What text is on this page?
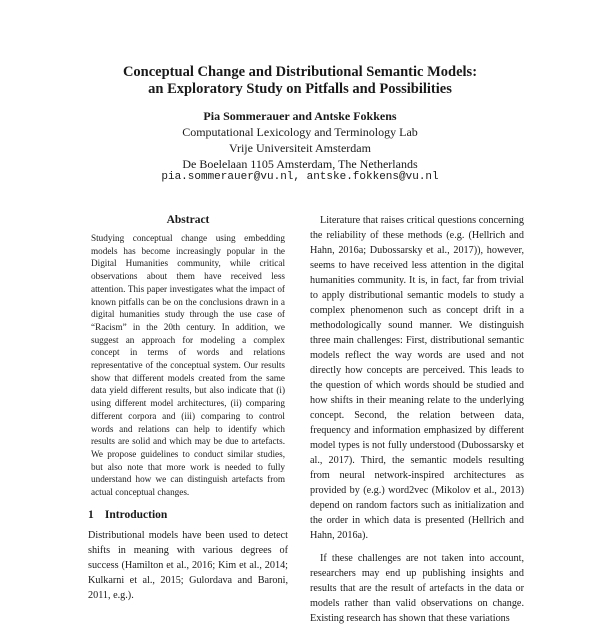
Conceptual Change and Distributional Semantic Models:
an Exploratory Study on Pitfalls and Possibilities
Pia Sommerauer and Antske Fokkens
Computational Lexicology and Terminology Lab
Vrije Universiteit Amsterdam
De Boelelaan 1105 Amsterdam, The Netherlands
pia.sommerauer@vu.nl, antske.fokkens@vu.nl
Abstract
Studying conceptual change using embedding models has become increasingly popular in the Digital Humanities community, while critical observations about them have received less attention. This paper investigates what the impact of known pitfalls can be on the conclusions drawn in a digital humanities study through the use case of “Racism” in the 20th century. In addition, we suggest an approach for modeling a complex concept in terms of words and relations representative of the conceptual system. Our results show that different models created from the same data yield different results, but also indicate that (i) using different model architectures, (ii) comparing different corpora and (iii) comparing to control words and relations can help to identify which results are solid and which may be due to artefacts. We propose guidelines to conduct similar studies, but also note that more work is needed to fully understand how we can distinguish artefacts from actual conceptual changes.
1 Introduction

Distributional models have been used to detect shifts in meaning with various degrees of success (Hamilton et al., 2016; Kim et al., 2014; Kulkarni et al., 2015; Gulordava and Baroni, 2011, e.g.).

Literature that raises critical questions concerning the reliability of these methods (e.g. (Hellrich and Hahn, 2016a; Dubossarsky et al., 2017)), however, seems to have received less attention in the digital humanities community. It is, in fact, far from trivial to apply distributional semantic models to study a complex phenomenon such as concept drift in a methodologically sound manner. We distinguish three main challenges: First, distributional semantic models reflect the way words are used and not directly how concepts are perceived. This leads to the question of which words should be studied and how shifts in their meaning relate to the underlying concept. Second, the relation between data, frequency and information emphasized by different model types is not fully understood (Dubossarsky et al., 2017). Third, the semantic models resulting from neural network-inspired architectures as provided by (e.g.) word2vec (Mikolov et al., 2013) depend on random factors such as initialization and the order in which data is presented (Hellrich and Hahn, 2016a).

If these challenges are not taken into account, researchers may end up publishing insights and results that are the result of artefacts in the data or models rather than valid observations on change. Existing research has shown that these variations
